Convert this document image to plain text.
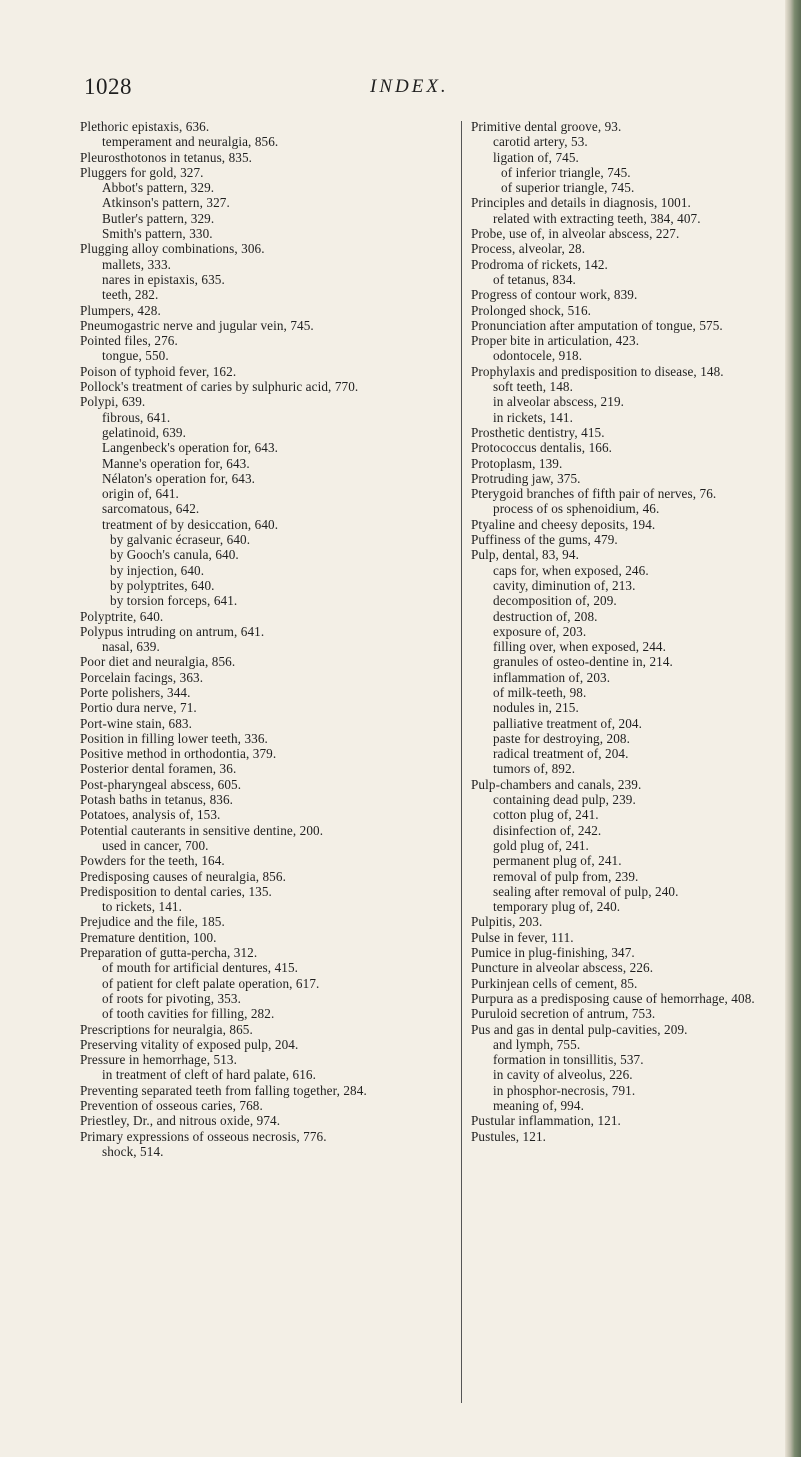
1028	INDEX.

Plethoric epistaxis, 636.

temperament and neuralgia, 856.

Pleurosthotonos in tetanus, 835.

Pluggers for gold, 327.

Abbot's pattern, 329.

Atkinson's pattern, 327.

Butler's pattern, 329.

Smith's pattern, 330.

Plugging alloy combinations, 306.

mallets, 333.

nares in epistaxis, 635.

teeth, 282.

Plumpers, 428.

Pneumogastric nerve and jugular vein, 745.

Pointed files, 276.

tongue, 550.

Poison of typhoid fever, 162.

Pollock's treatment of caries by sulphuric acid, 770.

Polypi, 639.

fibrous, 641.

gelatinoid, 639.

Langenbeck's operation for, 643.

Manne's operation for, 643.

Nélaton's operation for, 643.

origin of, 641.

sarcomatous, 642.

treatment of by desiccation, 640.

by galvanic écraseur, 640.

by Gooch's canula, 640.

by injection, 640.

by polyptrites, 640.

by torsion forceps, 641.

Polyptrite, 640.

Polypus intruding on antrum, 641.

nasal, 639.

Poor diet and neuralgia, 856.

Porcelain facings, 363.

Porte polishers, 344.

Portio dura nerve, 71.

Port-wine stain, 683.

Position in filling lower teeth, 336.

Positive method in orthodontia, 379.

Posterior dental foramen, 36.

Post-pharyngeal abscess, 605.

Potash baths in tetanus, 836.

Potatoes, analysis of, 153.

Potential cauterants in sensitive dentine, 200.

used in cancer, 700.

Powders for the teeth, 164.

Predisposing causes of neuralgia, 856.

Predisposition to dental caries, 135.

to rickets, 141.

Prejudice and the file, 185.

Premature dentition, 100.

Preparation of gutta-percha, 312.

of mouth for artificial dentures, 415.

of patient for cleft palate operation, 617.

of roots for pivoting, 353.

of tooth cavities for filling, 282.

Prescriptions for neuralgia, 865.

Preserving vitality of exposed pulp, 204.

Pressure in hemorrhage, 513.

in treatment of cleft of hard palate, 616.

Preventing separated teeth from falling together, 284.

Prevention of osseous caries, 768.

Priestley, Dr., and nitrous oxide, 974.

Primary expressions of osseous necrosis, 776.

shock, 514.

Primitive dental groove, 93.

carotid artery, 53.

ligation of, 745.

of inferior triangle, 745.

of superior triangle, 745.

Principles and details in diagnosis, 1001.

related with extracting teeth, 384, 407.

Probe, use of, in alveolar abscess, 227.

Process, alveolar, 28.

Prodroma of rickets, 142.

of tetanus, 834.

Progress of contour work, 839.

Prolonged shock, 516.

Pronunciation after amputation of tongue, 575.

Proper bite in articulation, 423.

odontocele, 918.

Prophylaxis and predisposition to disease, 148.

soft teeth, 148.

in alveolar abscess, 219.

in rickets, 141.

Prosthetic dentistry, 415.

Protococcus dentalis, 166.

Protoplasm, 139.

Protruding jaw, 375.

Pterygoid branches of fifth pair of nerves, 76.

process of os sphenoidium, 46.

Ptyaline and cheesy deposits, 194.

Puffiness of the gums, 479.

Pulp, dental, 83, 94.

caps for, when exposed, 246.

cavity, diminution of, 213.

decomposition of, 209.

destruction of, 208.

exposure of, 203.

filling over, when exposed, 244.

granules of osteo-dentine in, 214.

inflammation of, 203.

of milk-teeth, 98.

nodules in, 215.

palliative treatment of, 204.

paste for destroying, 208.

radical treatment of, 204.

tumors of, 892.

Pulp-chambers and canals, 239.

containing dead pulp, 239.

cotton plug of, 241.

disinfection of, 242.

gold plug of, 241.

permanent plug of, 241.

removal of pulp from, 239.

sealing after removal of pulp, 240.

temporary plug of, 240.

Pulpitis, 203.

Pulse in fever, 111.

Pumice in plug-finishing, 347.

Puncture in alveolar abscess, 226.

Purkinjean cells of cement, 85.

Purpura as a predisposing cause of hemorrhage, 408.

Puruloid secretion of antrum, 753.

Pus and gas in dental pulp-cavities, 209.

and lymph, 755.

formation in tonsillitis, 537.

in cavity of alveolus, 226.

in phosphor-necrosis, 791.

meaning of, 994.

Pustular inflammation, 121.

Pustules, 121.
